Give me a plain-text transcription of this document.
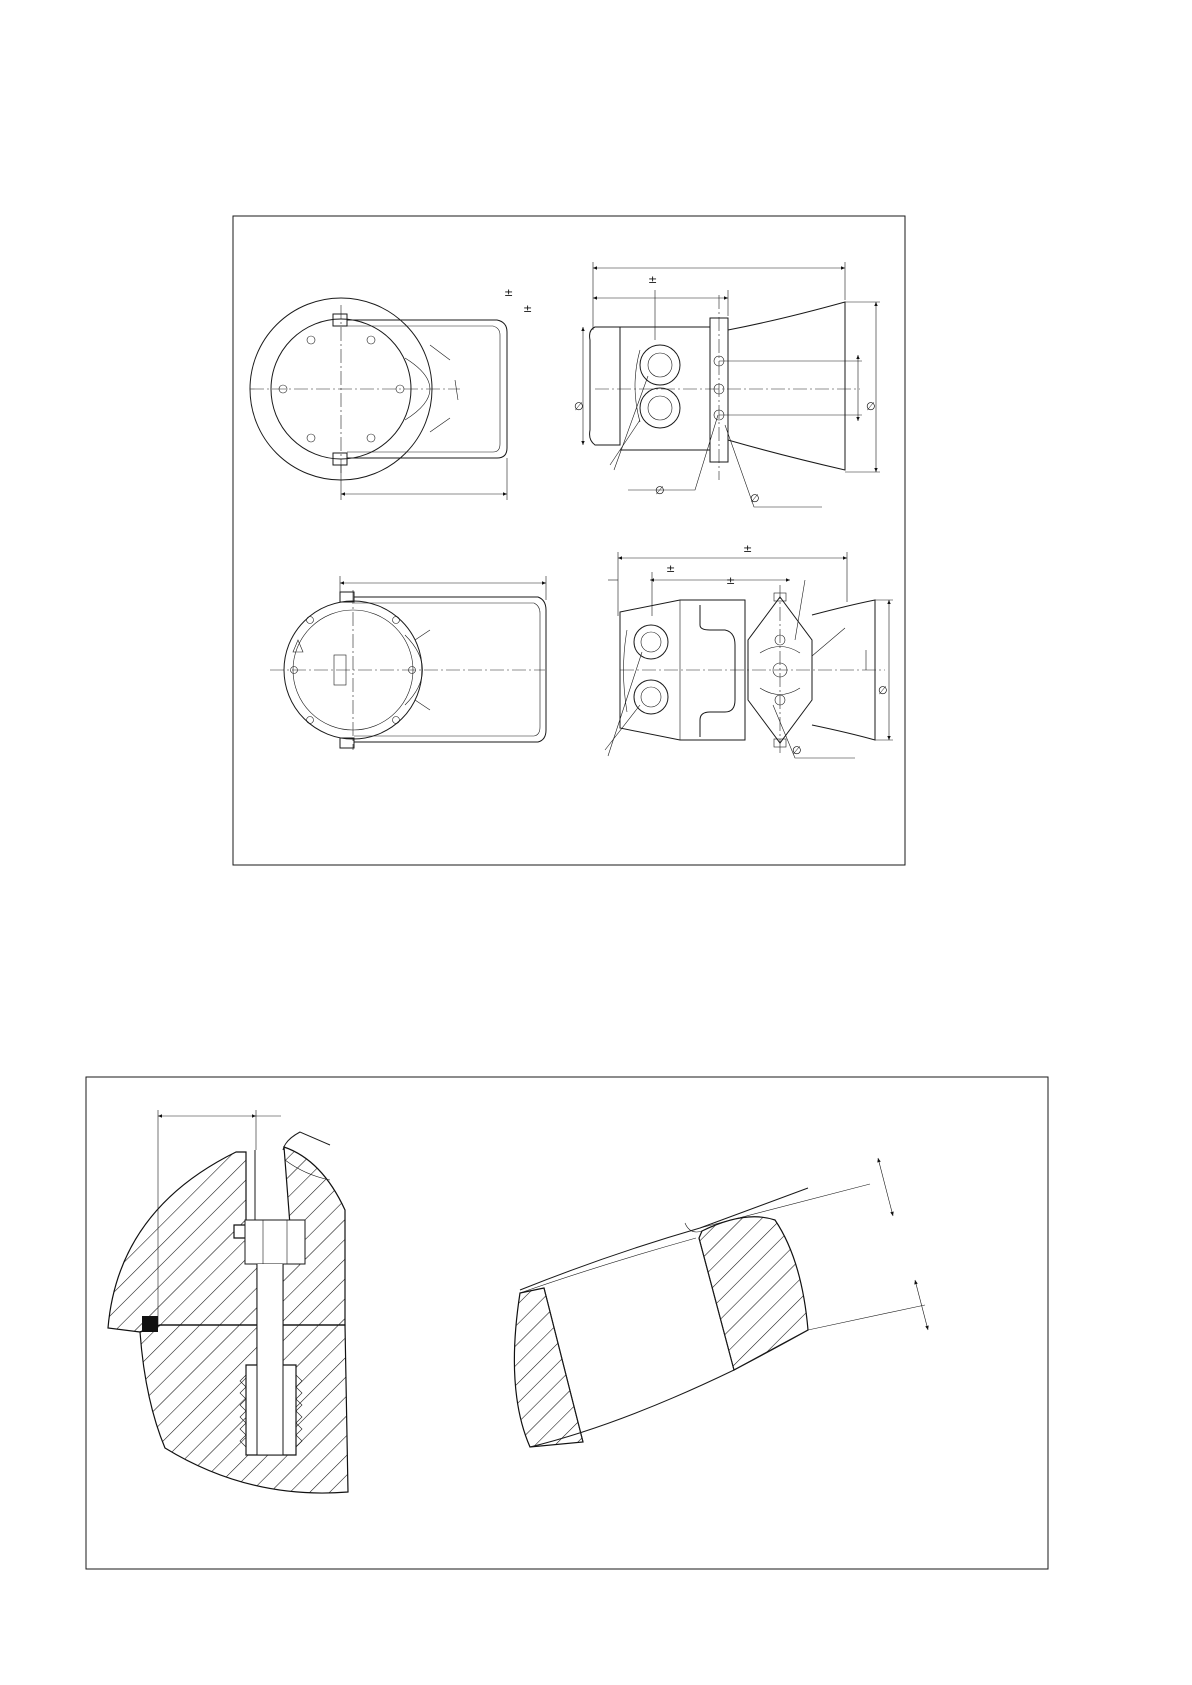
±
±
±
∅
∅
∅
∅
±
±
±
∅
∅
